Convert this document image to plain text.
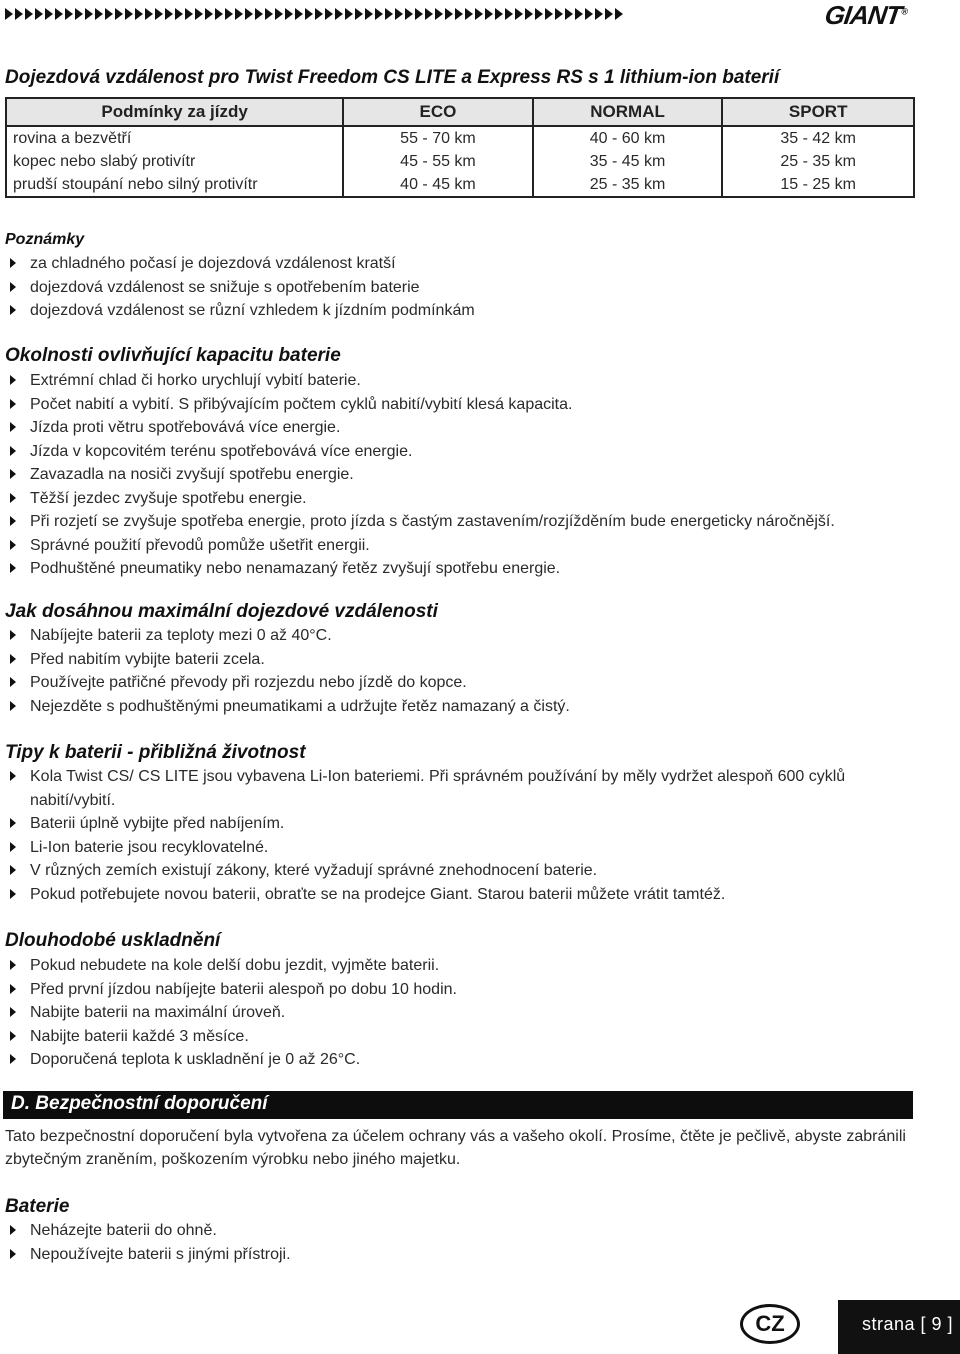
GIANT®
Dojezdová vzdálenost pro Twist Freedom CS LITE a Express RS s 1 lithium-ion baterií
Podmínky za jízdy	ECO	NORMAL	SPORT
rovina a bezvětří	55 - 70 km	40 - 60 km	35 - 42 km
kopec nebo slabý protivítr	45 - 55 km	35 - 45 km	25 - 35 km
prudší stoupání nebo silný protivítr	40 - 45 km	25 - 35 km	15 - 25 km
Poznámky
za chladného počasí je dojezdová vzdálenost kratší
dojezdová vzdálenost se snižuje s opotřebením baterie
dojezdová vzdálenost se různí vzhledem k jízdním podmínkám
Okolnosti ovlivňující kapacitu baterie
Extrémní chlad či horko urychlují vybití baterie.
Počet nabití a vybití. S přibývajícím počtem cyklů nabití/vybití klesá kapacita.
Jízda proti větru spotřebovává více energie.
Jízda v kopcovitém terénu spotřebovává více energie.
Zavazadla na nosiči zvyšují spotřebu energie.
Těžší jezdec zvyšuje spotřebu energie.
Při rozjetí se zvyšuje spotřeba energie, proto jízda s častým zastavením/rozjížděním bude energeticky náročnější.
Správné použití převodů pomůže ušetřit energii.
Podhuštěné pneumatiky nebo nenamazaný řetěz zvyšují spotřebu energie.
Jak dosáhnou maximální dojezdové vzdálenosti
Nabíjejte baterii za teploty mezi 0 až 40°C.
Před nabitím vybijte baterii zcela.
Používejte patřičné převody při rozjezdu nebo jízdě do kopce.
Nejezděte s podhuštěnými pneumatikami a udržujte řetěz namazaný a čistý.
Tipy k baterii - přibližná životnost
Kola Twist CS/ CS LITE jsou vybavena Li-Ion bateriemi. Při správném používání by měly vydržet alespoň 600 cyklů nabití/vybití.
Baterii úplně vybijte před nabíjením.
Li-Ion baterie jsou recyklovatelné.
V různých zemích existují zákony, které vyžadují správné znehodnocení baterie.
Pokud potřebujete novou baterii, obraťte se na prodejce Giant. Starou baterii můžete vrátit tamtéž.
Dlouhodobé uskladnění
Pokud nebudete na kole delší dobu jezdit, vyjměte baterii.
Před první jízdou nabíjejte baterii alespoň po dobu 10 hodin.
Nabijte baterii na maximální úroveň.
Nabijte baterii každé 3 měsíce.
Doporučená teplota k uskladnění je 0 až 26°C.
D. Bezpečnostní doporučení
Tato bezpečnostní doporučení byla vytvořena za účelem ochrany vás a vašeho okolí. Prosíme, čtěte je pečlivě, abyste zabránili zbytečným zraněním, poškozením výrobku nebo jiného majetku.
Baterie
Neházejte baterii do ohně.
Nepoužívejte baterii s jinými přístroji.
CZ	strana [ 9 ]
